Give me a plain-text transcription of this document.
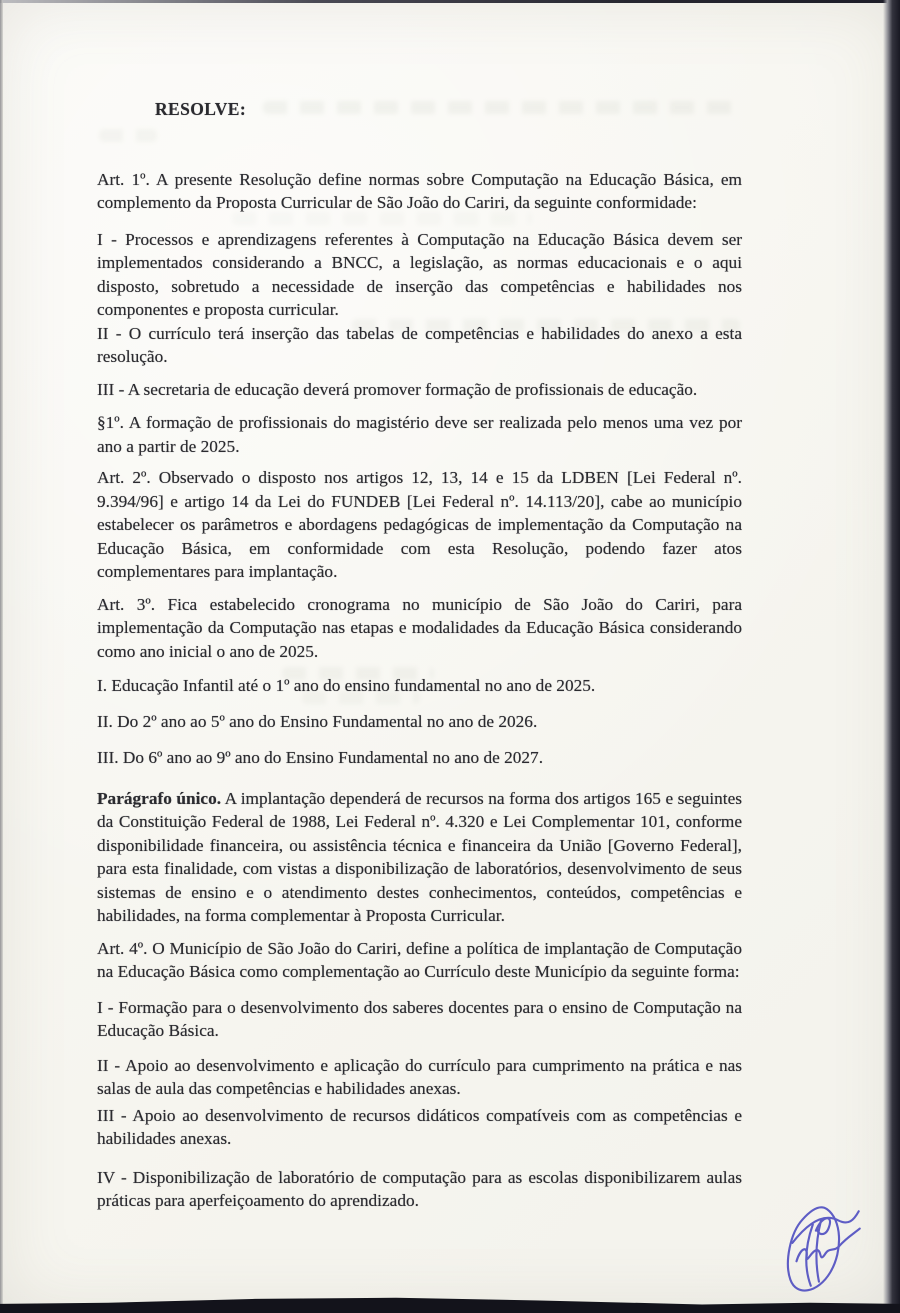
RESOLVE:

Art. 1º. A presente Resolução define normas sobre Computação na Educação Básica, em complemento da Proposta Curricular de São João do Cariri, da seguinte conformidade:

I - Processos e aprendizagens referentes à Computação na Educação Básica devem ser implementados considerando a BNCC, a legislação, as normas educacionais e o aqui disposto, sobretudo a necessidade de inserção das competências e habilidades nos componentes e proposta curricular.

II - O currículo terá inserção das tabelas de competências e habilidades do anexo a esta resolução.

III - A secretaria de educação deverá promover formação de profissionais de educação.

§1º. A formação de profissionais do magistério deve ser realizada pelo menos uma vez por ano a partir de 2025.

Art. 2º. Observado o disposto nos artigos 12, 13, 14 e 15 da LDBEN [Lei Federal nº. 9.394/96] e artigo 14 da Lei do FUNDEB [Lei Federal nº. 14.113/20], cabe ao município estabelecer os parâmetros e abordagens pedagógicas de implementação da Computação na Educação Básica, em conformidade com esta Resolução, podendo fazer atos complementares para implantação.

Art. 3º. Fica estabelecido cronograma no município de São João do Cariri, para implementação da Computação nas etapas e modalidades da Educação Básica considerando como ano inicial o ano de 2025.

I. Educação Infantil até o 1º ano do ensino fundamental no ano de 2025.

II. Do 2º ano ao 5º ano do Ensino Fundamental no ano de 2026.

III. Do 6º ano ao 9º ano do Ensino Fundamental no ano de 2027.

Parágrafo único. A implantação dependerá de recursos na forma dos artigos 165 e seguintes da Constituição Federal de 1988, Lei Federal nº. 4.320 e Lei Complementar 101, conforme disponibilidade financeira, ou assistência técnica e financeira da União [Governo Federal], para esta finalidade, com vistas a disponibilização de laboratórios, desenvolvimento de seus sistemas de ensino e o atendimento destes conhecimentos, conteúdos, competências e habilidades, na forma complementar à Proposta Curricular.

Art. 4º. O Município de São João do Cariri, define a política de implantação de Computação na Educação Básica como complementação ao Currículo deste Município da seguinte forma:

I - Formação para o desenvolvimento dos saberes docentes para o ensino de Computação na Educação Básica.

II - Apoio ao desenvolvimento e aplicação do currículo para cumprimento na prática e nas salas de aula das competências e habilidades anexas.

III - Apoio ao desenvolvimento de recursos didáticos compatíveis com as competências e habilidades anexas.

IV - Disponibilização de laboratório de computação para as escolas disponibilizarem aulas práticas para aperfeiçoamento do aprendizado.
